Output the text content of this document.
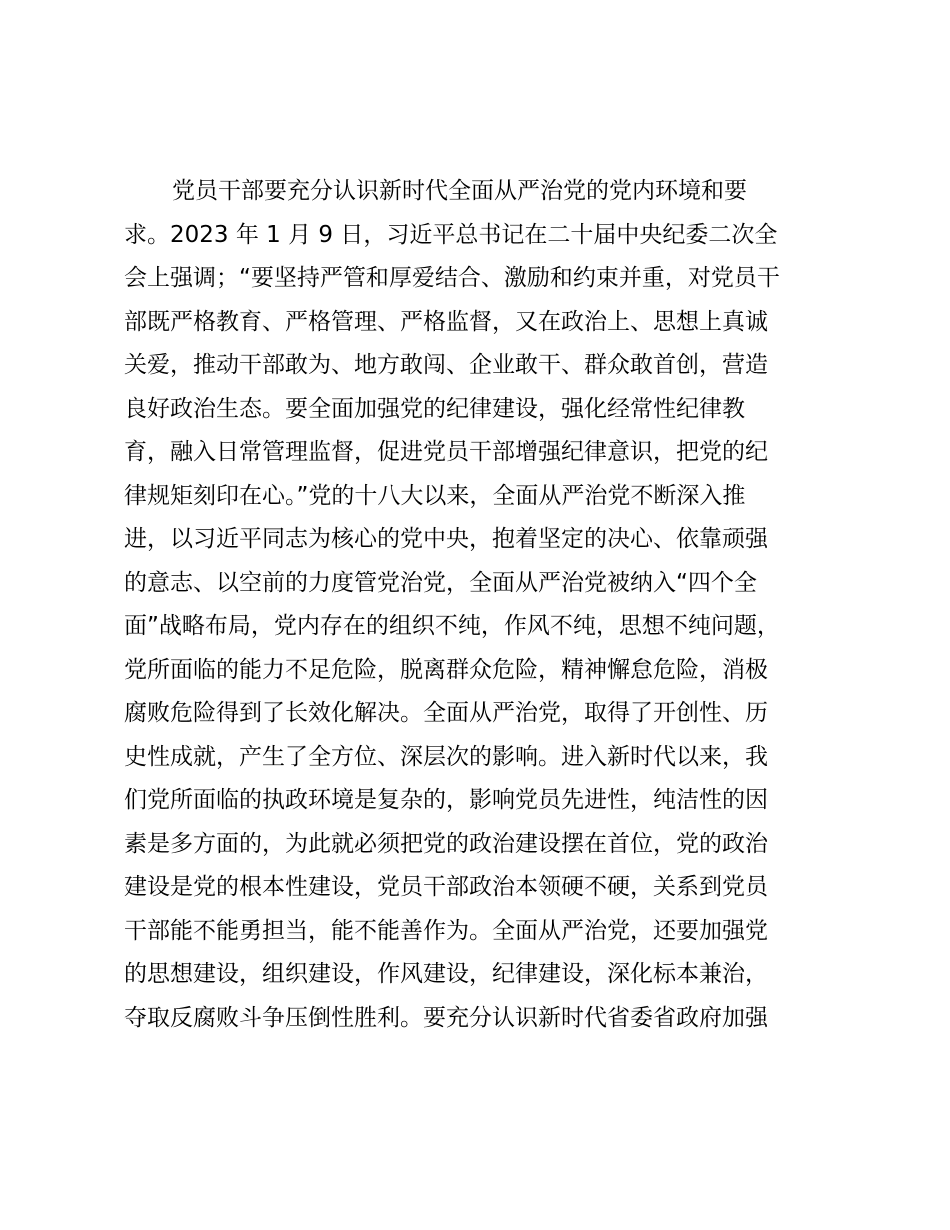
党员干部要充分认识新时代全面从严治党的党内环境和要
求。2023 年 1 月 9 日，习近平总书记在二十届中央纪委二次全
会上强调；“要坚持严管和厚爱结合、激励和约束并重，对党员干
部既严格教育、严格管理、严格监督，又在政治上、思想上真诚
关爱，推动干部敢为、地方敢闯、企业敢干、群众敢首创，营造
良好政治生态。要全面加强党的纪律建设，强化经常性纪律教
育，融入日常管理监督，促进党员干部增强纪律意识，把党的纪
律规矩刻印在心。”党的十八大以来，全面从严治党不断深入推
进，以习近平同志为核心的党中央，抱着坚定的决心、依靠顽强
的意志、以空前的力度管党治党，全面从严治党被纳入“四个全
面”战略布局，党内存在的组织不纯，作风不纯，思想不纯问题，
党所面临的能力不足危险，脱离群众危险，精神懈怠危险，消极
腐败危险得到了长效化解决。全面从严治党，取得了开创性、历
史性成就，产生了全方位、深层次的影响。进入新时代以来，我
们党所面临的执政环境是复杂的，影响党员先进性，纯洁性的因
素是多方面的，为此就必须把党的政治建设摆在首位，党的政治
建设是党的根本性建设，党员干部政治本领硬不硬，关系到党员
干部能不能勇担当，能不能善作为。全面从严治党，还要加强党
的思想建设，组织建设，作风建设，纪律建设，深化标本兼治，
夺取反腐败斗争压倒性胜利。要充分认识新时代省委省政府加强
